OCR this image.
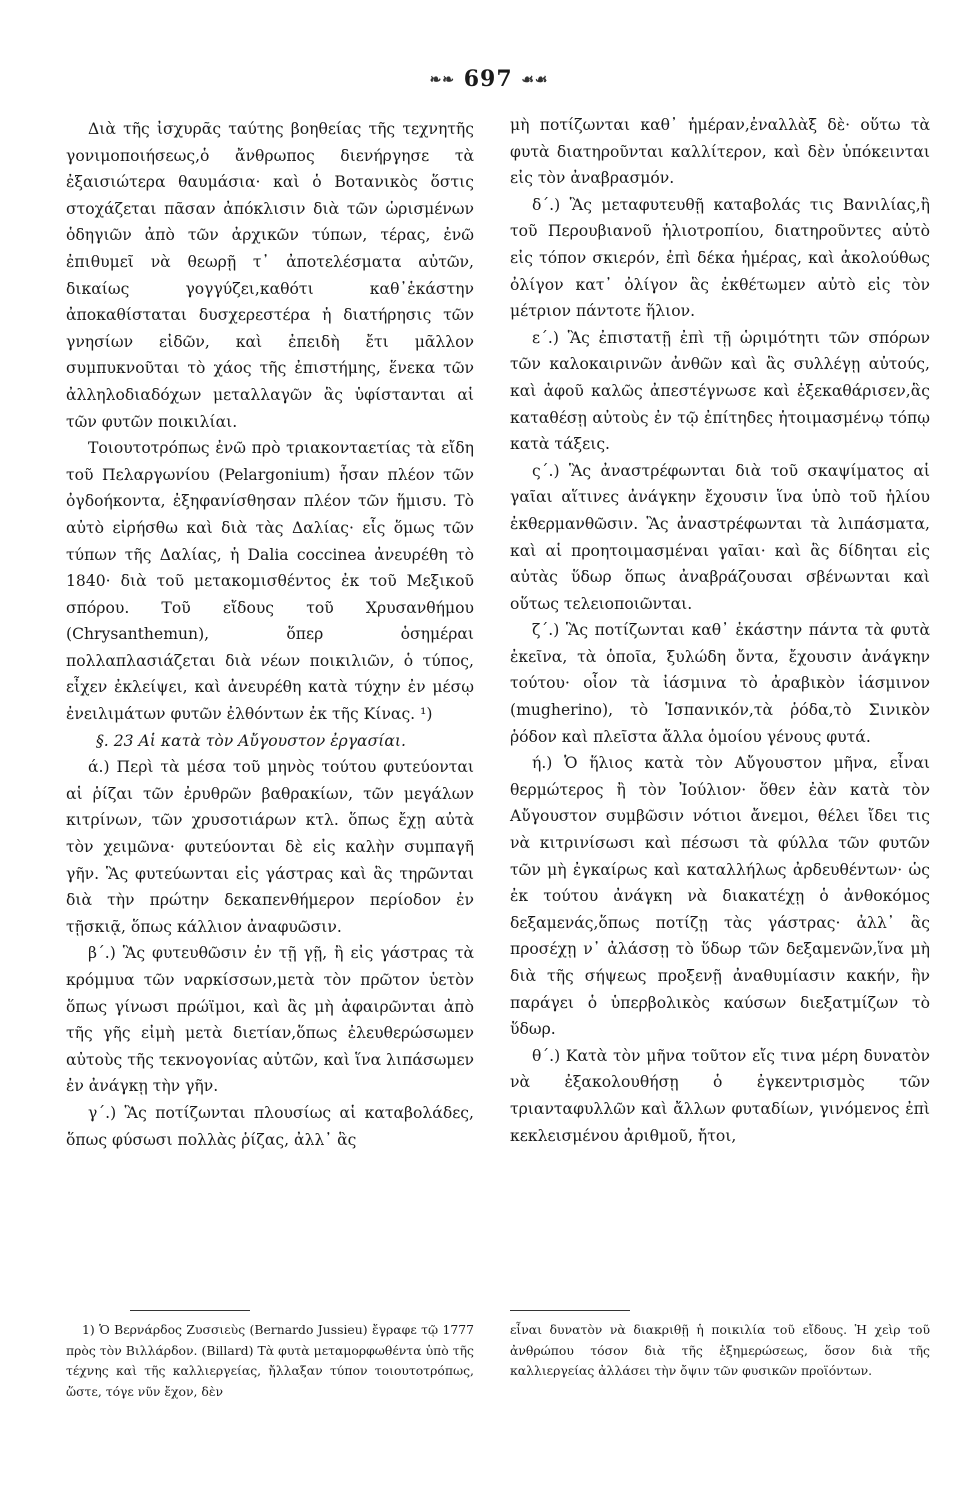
❧❧ 697 ☙☙

Διὰ τῆς ἰσχυρᾶς ταύτης βοηθείας τῆς τεχνητῆς γονιμοποιήσεως,ὁ ἄνθρωπος διενήργησε τὰ ἐξαισιώτερα θαυμάσια· καὶ ὁ Βοτανικὸς ὅστις στοχάζεται πᾶσαν ἀπόκλισιν διὰ τῶν ὡρισμένων ὁδηγιῶν ἀπὸ τῶν ἀρχικῶν τύπων, τέρας, ἐνῶ ἐπιθυμεῖ νὰ θεωρῇ τ᾽ ἀποτελέσματα αὐτῶν, δικαίως γογγύζει,καθότι καθ᾽ἑκάστην ἀποκαθίσταται δυσχερεστέρα ἡ διατήρησις τῶν γνησίων εἰδῶν, καὶ ἐπειδὴ ἔτι μᾶλλον συμπυκνοῦται τὸ χάος τῆς ἐπιστήμης, ἕνεκα τῶν ἀλληλοδιαδόχων μεταλλαγῶν ἃς ὑφίστανται αἱ τῶν φυτῶν ποικιλίαι.

Τοιουτοτρόπως ἐνῶ πρὸ τριακονταετίας τὰ εἴδη τοῦ Πελαργωνίου (Pelargonium) ἦσαν πλέον τῶν ὀγδοήκοντα, ἐξηφανίσθησαν πλέον τῶν ἥμισυ. Τὸ αὐτὸ εἰρήσθω καὶ διὰ τὰς Δαλίας· εἷς ὅμως τῶν τύπων τῆς Δαλίας, ἡ Dalia coccinea ἀνευρέθη τὸ 1840· διὰ τοῦ μετακομισθέντος ἐκ τοῦ Μεξικοῦ σπόρου. Τοῦ εἴδους τοῦ Χρυσανθήμου (Chrysanthemun), ὅπερ ὁσημέραι πολλαπλασιάζεται διὰ νέων ποικιλιῶν, ὁ τύπος, εἶχεν ἐκλείψει, καὶ ἀνευρέθη κατὰ τύχην ἐν μέσῳ ἐνειλιμάτων φυτῶν ἐλθόντων ἐκ τῆς Κίνας. ¹)

§. 23 Αἱ κατὰ τὸν Αὔγουστον ἐργασίαι.

ά.) Περὶ τὰ μέσα τοῦ μηνὸς τούτου φυτεύονται αἱ ῥίζαι τῶν ἐρυθρῶν βαθρακίων, τῶν μεγάλων κιτρίνων, τῶν χρυσοτιάρων κτλ. ὅπως ἔχῃ αὐτὰ τὸν χειμῶνα· φυτεύονται δὲ εἰς καλὴν συμπαγῆ γῆν. Ἃς φυτεύωνται εἰς γάστρας καὶ ἃς τηρῶνται διὰ τὴν πρώτην δεκαπενθήμερον περίοδον ἐν τῇσκιᾷ, ὅπως κάλλιον ἀναφυῶσιν.

β΄.) Ἃς φυτευθῶσιν ἐν τῇ γῇ, ἢ εἰς γάστρας τὰ κρόμμυα τῶν ναρκίσσων,μετὰ τὸν πρῶτον ὑετὸν ὅπως γίνωσι πρώϊμοι, καὶ ἃς μὴ ἀφαιρῶνται ἀπὸ τῆς γῆς εἰμὴ μετὰ διετίαν,ὅπως ἐλευθερώσωμεν αὐτοὺς τῆς τεκνογονίας αὐτῶν, καὶ ἵνα λιπάσωμεν ἐν ἀνάγκῃ τὴν γῆν.

γ΄.) Ἃς ποτίζωνται πλουσίως αἱ καταβολάδες, ὅπως φύσωσι πολλὰς ῥίζας, ἀλλ᾽ ἃς

μὴ ποτίζωνται καθ᾽ ἡμέραν,ἐναλλὰξ δὲ· οὕτω τὰ φυτὰ διατηροῦνται καλλίτερον, καὶ δὲν ὑπόκεινται εἰς τὸν ἀναβρασμόν.

δ΄.) Ἃς μεταφυτευθῇ καταβολάς τις Βανιλίας,ἢ τοῦ Περουβιανοῦ ἡλιοτροπίου, διατηροῦντες αὐτὸ εἰς τόπον σκιερόν, ἐπὶ δέκα ἡμέρας, καὶ ἀκολούθως ὀλίγον κατ᾽ ὀλίγον ἃς ἐκθέτωμεν αὐτὸ εἰς τὸν μέτριον πάντοτε ἥλιον.

ε΄.) Ἃς ἐπιστατῇ ἐπὶ τῇ ὡριμότητι τῶν σπόρων τῶν καλοκαιρινῶν ἀνθῶν καὶ ἃς συλλέγῃ αὐτούς, καὶ ἀφοῦ καλῶς ἀπεστέγνωσε καὶ ἐξεκαθάρισεν,ἃς καταθέσῃ αὐτοὺς ἐν τῷ ἐπίτηδες ἡτοιμασμένῳ τόπῳ κατὰ τάξεις.

ς΄.) Ἃς ἀναστρέφωνται διὰ τοῦ σκαψίματος αἱ γαῖαι αἵτινες ἀνάγκην ἔχουσιν ἵνα ὑπὸ τοῦ ἡλίου ἐκθερμανθῶσιν. Ἃς ἀναστρέφωνται τὰ λιπάσματα, καὶ αἱ προητοιμασμέναι γαῖαι· καὶ ἃς δίδηται εἰς αὐτὰς ὕδωρ ὅπως ἀναβράζουσαι σβένωνται καὶ οὕτως τελειοποιῶνται.

ζ΄.) Ἃς ποτίζωνται καθ᾽ ἑκάστην πάντα τὰ φυτὰ ἐκεῖνα, τὰ ὁποῖα, ξυλώδη ὄντα, ἔχουσιν ἀνάγκην τούτου· οἷον τὰ ἰάσμινα τὸ ἀραβικὸν ἰάσμινον (mugherino), τὸ Ἱσπανικόν,τὰ ῥόδα,τὸ Σινικὸν ῥόδον καὶ πλεῖστα ἄλλα ὁμοίου γένους φυτά.

ή.) Ὁ ἥλιος κατὰ τὸν Αὔγουστον μῆνα, εἶναι θερμώτερος ἢ τὸν Ἰούλιον· ὅθεν ἐὰν κατὰ τὸν Αὔγουστον συμβῶσιν νότιοι ἄνεμοι, θέλει ἴδει τις νὰ κιτρινίσωσι καὶ πέσωσι τὰ φύλλα τῶν φυτῶν τῶν μὴ ἐγκαίρως καὶ καταλλήλως ἀρδευθέντων· ὡς ἐκ τούτου ἀνάγκη νὰ διακατέχῃ ὁ ἀνθοκόμος δεξαμενάς,ὅπως ποτίζῃ τὰς γάστρας· ἀλλ᾽ ἃς προσέχῃ ν᾽ ἀλάσσῃ τὸ ὕδωρ τῶν δεξαμενῶν,ἵνα μὴ διὰ τῆς σήψεως προξενῇ ἀναθυμίασιν κακήν, ἣν παράγει ὁ ὑπερβολικὸς καύσων διεξατμίζων τὸ ὕδωρ.

θ΄.) Κατὰ τὸν μῆνα τοῦτον εἴς τινα μέρη δυνατὸν νὰ ἐξακολουθήσῃ ὁ ἐγκεντρισμὸς τῶν τριανταφυλλῶν καὶ ἄλλων φυταδίων, γινόμενος ἐπὶ κεκλεισμένου ἀριθμοῦ, ἤτοι,

1) Ὁ Βερνάρδος Ζυσσιεὺς (Bernardo Jussieu) ἔγραφε τῷ 1777 πρὸς τὸν Βιλλάρδον. (Billard) Τὰ φυτὰ μεταμορφωθέντα ὑπὸ τῆς τέχνης καὶ τῆς καλλιεργείας, ἤλλαξαν τύπον τοιουτοτρόπως, ὥστε, τόγε νῦν ἔχον, δὲν

εἶναι δυνατὸν νὰ διακριθῇ ἡ ποικιλία τοῦ εἴδους. Ἡ χεὶρ τοῦ ἀνθρώπου τόσον διὰ τῆς ἐξημερώσεως, ὅσον διὰ τῆς καλλιεργείας ἀλλάσει τὴν ὄψιν τῶν φυσικῶν προϊόντων.
